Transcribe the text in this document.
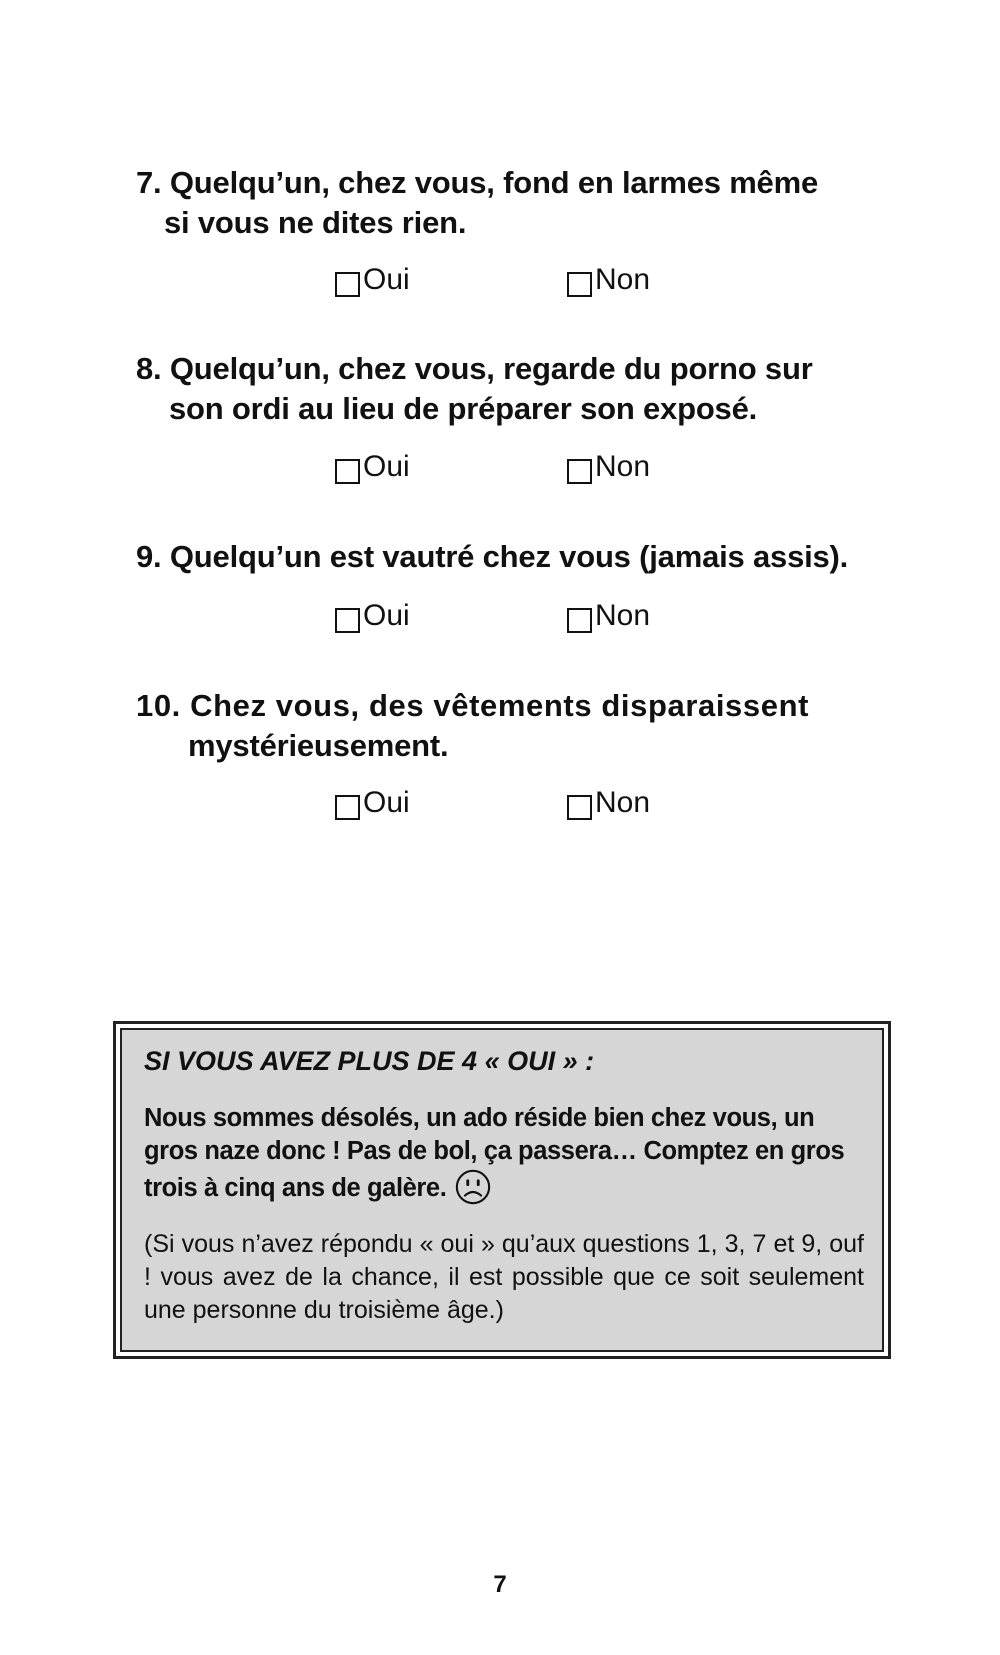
7. Quelqu’un, chez vous, fond en larmes même
si vous ne dites rien.
Oui	Non
8. Quelqu’un, chez vous, regarde du porno sur
son ordi au lieu de préparer son exposé.
Oui	Non
9. Quelqu’un est vautré chez vous (jamais assis).
Oui	Non
10. Chez vous, des vêtements disparaissent
mystérieusement.
Oui	Non

SI VOUS AVEZ PLUS DE 4 « OUI » :

Nous sommes désolés, un ado réside bien chez vous, un gros naze donc ! Pas de bol, ça passera… Comptez en gros trois à cinq ans de galère.

(Si vous n’avez répondu « oui » qu’aux questions 1, 3, 7 et 9, ouf ! vous avez de la chance, il est possible que ce soit seulement une personne du troisième âge.)

7
